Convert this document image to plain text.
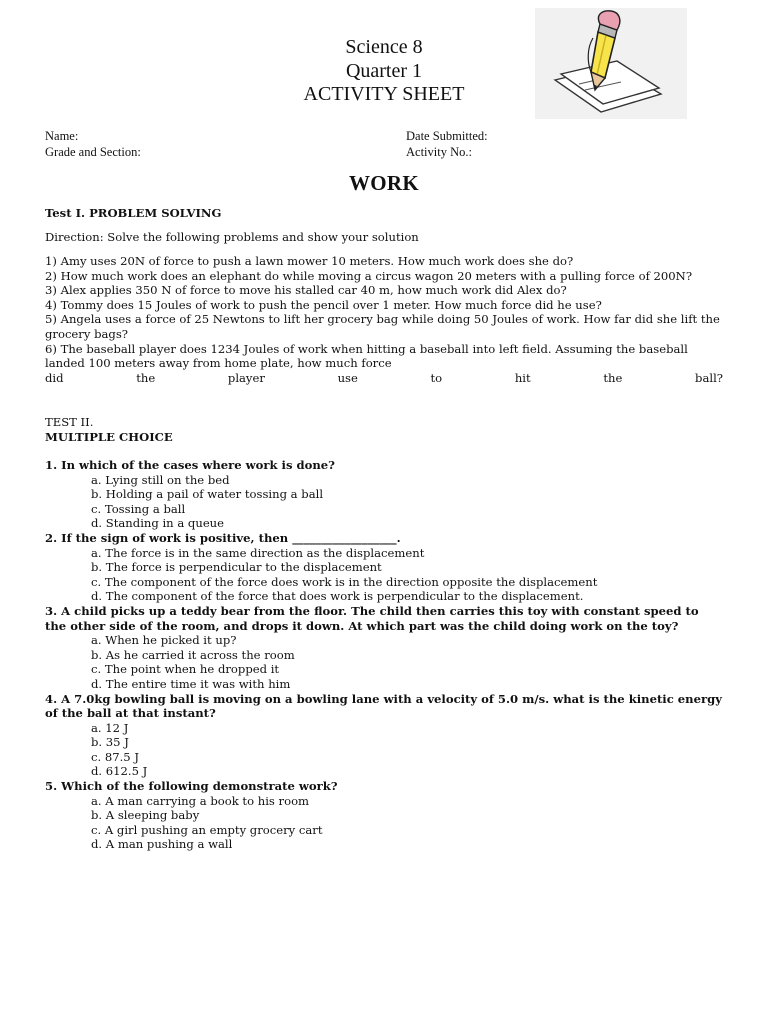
Science 8
Quarter 1
ACTIVITY SHEET
Name:
Grade and Section:
Date Submitted:
Activity No.:
WORK

Test I. PROBLEM SOLVING

Direction: Solve the following problems and show your solution

1) Amy uses 20N of force to push a lawn mower 10 meters. How much work does she do?

2) How much work does an elephant do while moving a circus wagon 20 meters with a pulling force of 200N?

3) Alex applies 350 N of force to move his stalled car 40 m, how much work did Alex do?

4) Tommy does 15 Joules of work to push the pencil over 1 meter. How much force did he use?

5) Angela uses a force of 25 Newtons to lift her grocery bag while doing 50 Joules of work. How far did she lift the grocery bags?

6) The baseball player does 1234 Joules of work when hitting a baseball into left field. Assuming the baseball landed 100 meters away from home plate, how much force

did the player use to hit the ball?

TEST II.

MULTIPLE CHOICE

1. In which of the cases where work is done?

a. Lying still on the bed

b. Holding a pail of water tossing a ball

c. Tossing a ball

d. Standing in a queue

2. If the sign of work is positive, then __________________.

a. The force is in the same direction as the displacement

b. The force is perpendicular to the displacement

c. The component of the force does work is in the direction opposite the displacement

d. The component of the force that does work is perpendicular to the displacement.

3. A child picks up a teddy bear from the floor. The child then carries this toy with constant speed to the other side of the room, and drops it down. At which part was the child doing work on the toy?

a. When he picked it up?

b. As he carried it across the room

c. The point when he dropped it

d. The entire time it was with him

4. A 7.0kg bowling ball is moving on a bowling lane with a velocity of 5.0 m/s. what is the kinetic energy of the ball at that instant?

a. 12 J

b. 35 J

c. 87.5 J

d. 612.5 J

5. Which of the following demonstrate work?

a. A man carrying a book to his room

b. A sleeping baby

c. A girl pushing an empty grocery cart

d. A man pushing a wall
